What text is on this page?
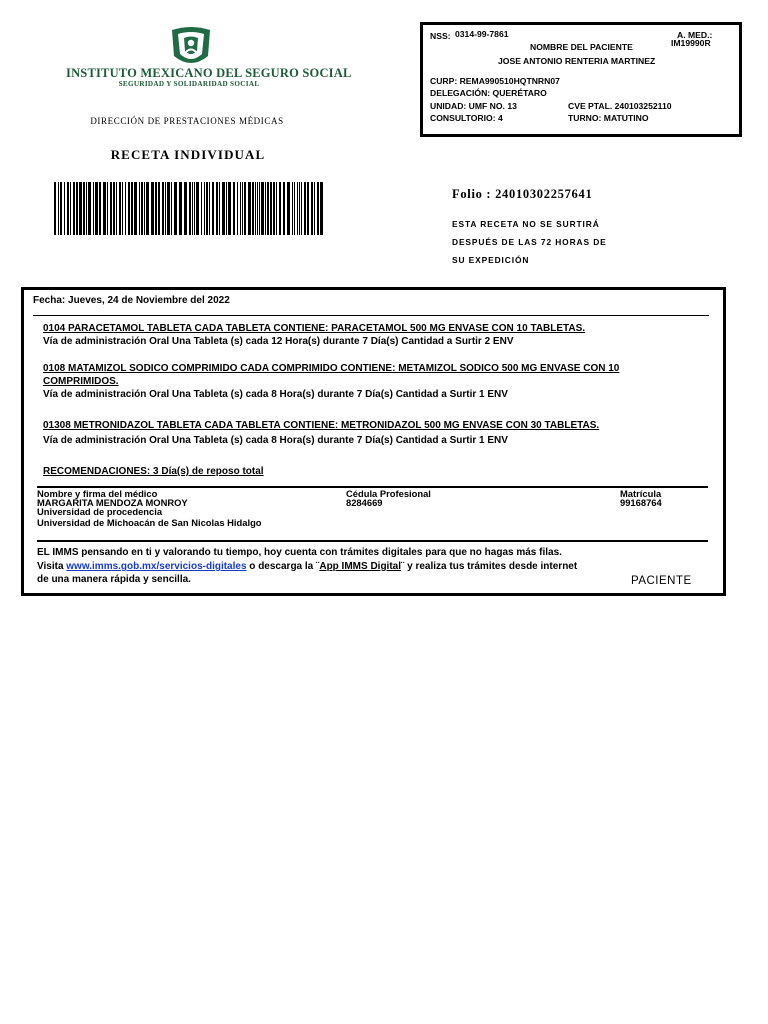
INSTITUTO MEXICANO DEL SEGURO SOCIAL
SEGURIDAD Y SOLIDARIDAD SOCIAL
DIRECCIÓN DE PRESTACIONES MÉDICAS
RECETA INDIVIDUAL
NSS: 0314-99-7861	A. MED.:
IM19990R
NOMBRE DEL PACIENTE
JOSE ANTONIO RENTERIA MARTINEZ
CURP: REMA990510HQTNRN07
DELEGACIÓN: QUERÉTARO
UNIDAD: UMF NO. 13	CVE PTAL. 240103252110
CONSULTORIO: 4	TURNO: MATUTINO
Folio : 24010302257641
ESTA RECETA NO SE SURTIRÁ
DESPUÉS DE LAS 72 HORAS DE
SU EXPEDICIÓN
Fecha: Jueves, 24 de Noviembre del 2022
0104 PARACETAMOL TABLETA CADA TABLETA CONTIENE: PARACETAMOL 500 MG ENVASE CON 10 TABLETAS.
Vía de administración Oral Una Tableta (s) cada 12 Hora(s) durante 7 Día(s) Cantidad a Surtir 2 ENV
0108 MATAMIZOL SODICO COMPRIMIDO CADA COMPRIMIDO CONTIENE: METAMIZOL SODICO 500 MG ENVASE CON 10
COMPRIMIDOS.
Vía de administración Oral Una Tableta (s) cada 8 Hora(s) durante 7 Día(s) Cantidad a Surtir 1 ENV
01308 METRONIDAZOL TABLETA CADA TABLETA CONTIENE: METRONIDAZOL 500 MG ENVASE CON 30 TABLETAS.
Vía de administración Oral Una Tableta (s) cada 8 Hora(s) durante 7 Día(s) Cantidad a Surtir 1 ENV
RECOMENDACIONES: 3 Día(s) de reposo total
Nombre y firma del médico
MARGARITA MENDOZA MONROY
Universidad de procedencia
Universidad de Michoacán de San Nicolas Hidalgo
Cédula Profesional
8284669
Matrícula
99168764
EL IMMS pensando en ti y valorando tu tiempo, hoy cuenta con trámites digitales para que no hagas más filas.
Visita www.imms.gob.mx/servicios-digitales o descarga la ¨App IMMS Digital¨ y realiza tus trámites desde internet
de una manera rápida y sencilla.	PACIENTE
